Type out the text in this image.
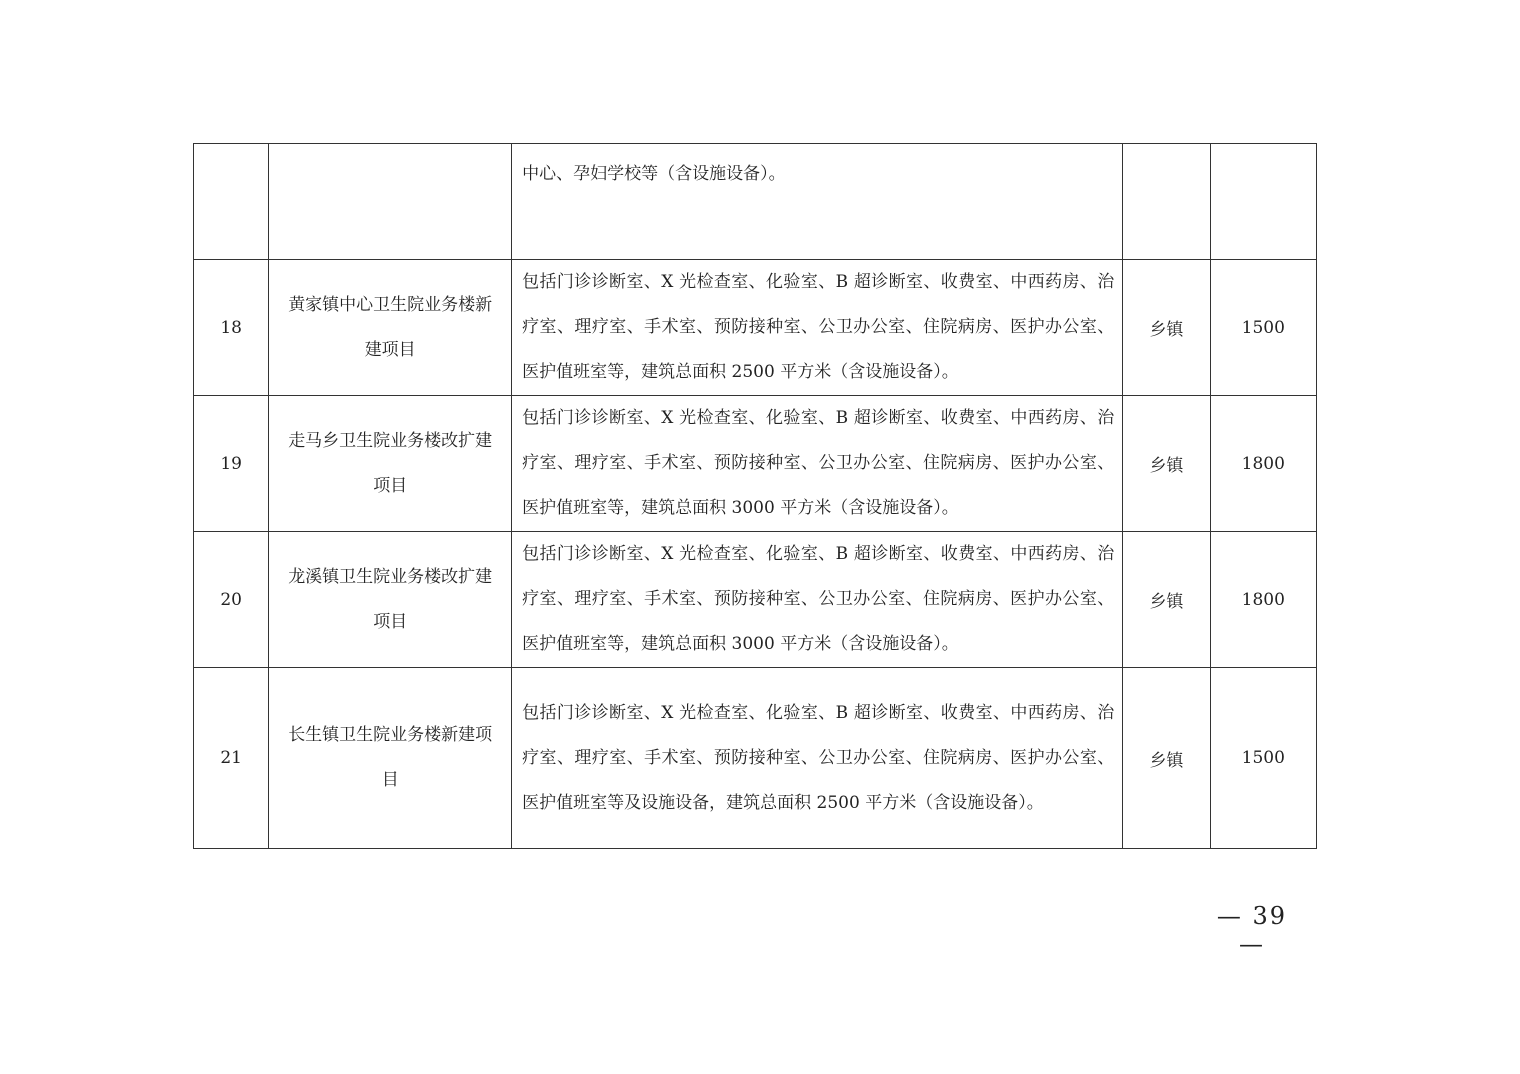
		中心、孕妇学校等（含设施设备）。		

18	黄家镇中心卫生院业务楼新建项目	包括门诊诊断室、X 光检查室、化验室、B 超诊断室、收费室、中西药房、治疗室、理疗室、手术室、预防接种室、公卫办公室、住院病房、医护办公室、医护值班室等，建筑总面积 2500 平方米（含设施设备）。	乡镇	1500
19	走马乡卫生院业务楼改扩建项目	包括门诊诊断室、X 光检查室、化验室、B 超诊断室、收费室、中西药房、治疗室、理疗室、手术室、预防接种室、公卫办公室、住院病房、医护办公室、医护值班室等，建筑总面积 3000 平方米（含设施设备）。	乡镇	1800
20	龙溪镇卫生院业务楼改扩建项目	包括门诊诊断室、X 光检查室、化验室、B 超诊断室、收费室、中西药房、治疗室、理疗室、手术室、预防接种室、公卫办公室、住院病房、医护办公室、医护值班室等，建筑总面积 3000 平方米（含设施设备）。	乡镇	1800
21	长生镇卫生院业务楼新建项目	包括门诊诊断室、X 光检查室、化验室、B 超诊断室、收费室、中西药房、治疗室、理疗室、手术室、预防接种室、公卫办公室、住院病房、医护办公室、医护值班室等及设施设备，建筑总面积 2500 平方米（含设施设备）。	乡镇	1500
— 39 —
